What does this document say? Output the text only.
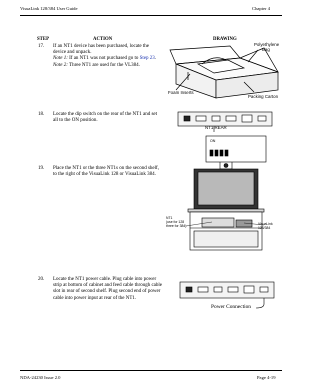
VisuaLink 128/384 User Guide	Chapter 4
STEP	ACTION	DRAWING
17. If an NT1 device has been purchased, locate the device and unpack.
Note 1: If an NT1 was not purchased go to Step 23.
Note 2: Three NT1 are used for the VL384.
18. Locate the dip switch on the rear of the NT1 and set all to the ON position.
19. Place the NT1 or the three NT1s on the second shelf, to the right of the VisuaLink 128 or VisuaLink 384.
20. Locate the NT1 power cable. Plug cable into power strip at bottom of cabinet and feed cable through cable slot in rear of second shelf. Plug second end of power cable into power input at rear of the NT1.
Polyethylene
Bag
Foam Inserts
Packing Carton
NT1 REAR
ON
NT1
(use for 128
three for 384)	VisuaLink 128/384
Power Connection
NDA-24230 Issue 2.0	Page 4-19
